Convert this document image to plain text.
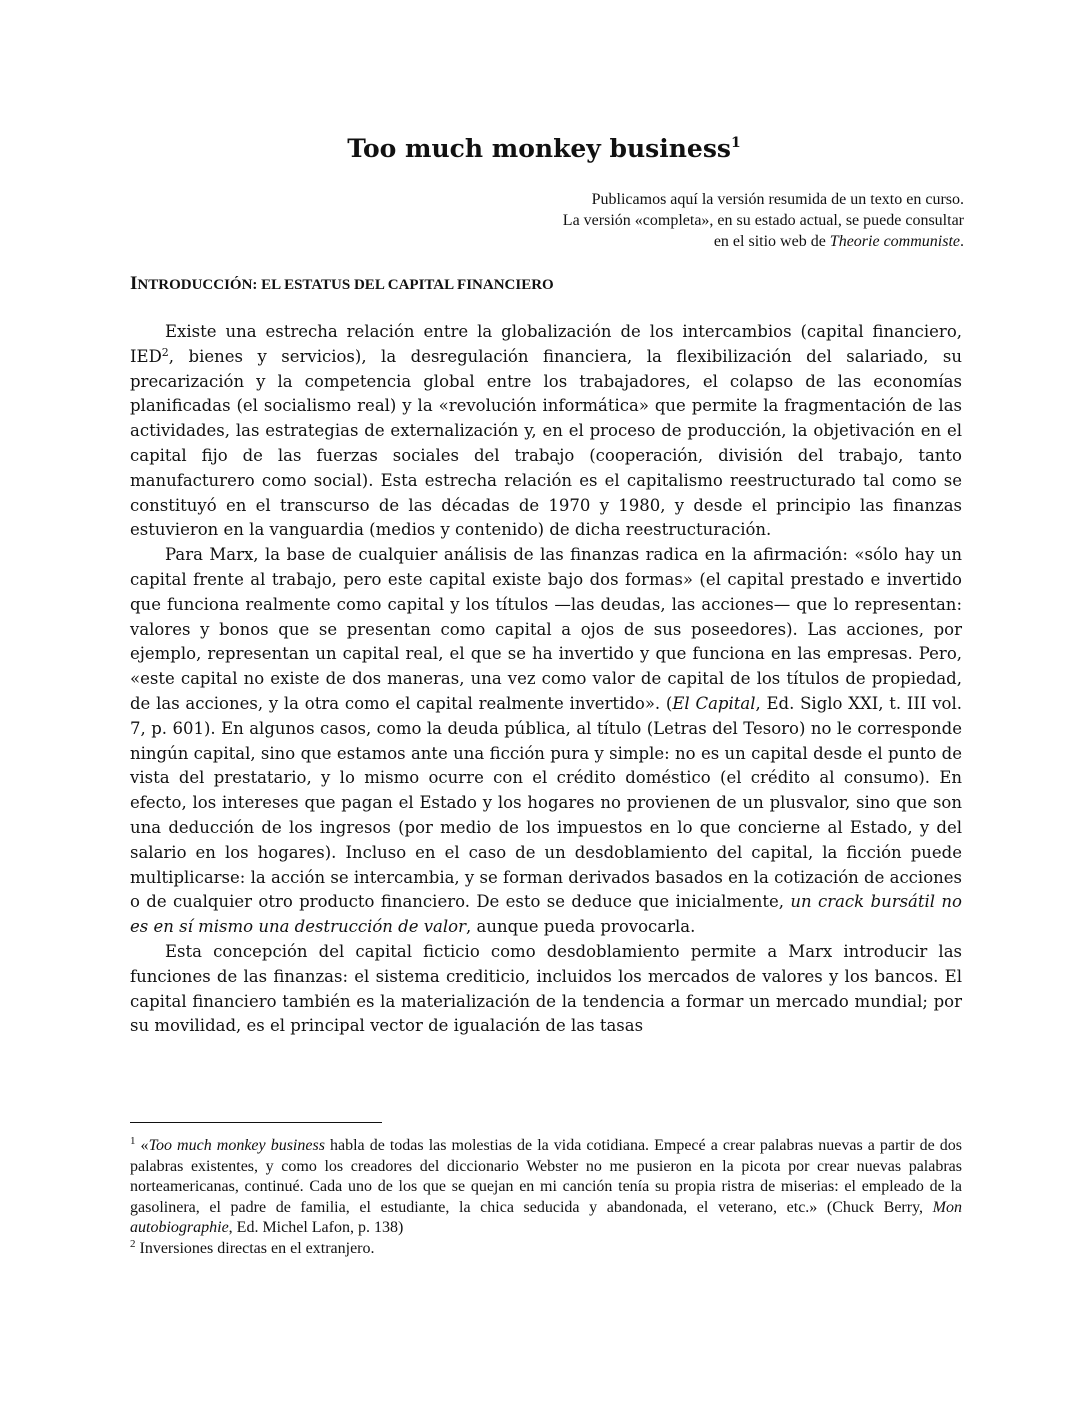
Too much monkey business$^1$

Publicamos aquí la versión resumida de un texto en curso.
La versión «completa», en su estado actual, se puede consultar
en el sitio web de Theorie communiste.

INTRODUCCIÓN: EL ESTATUS DEL CAPITAL FINANCIERO

Existe una estrecha relación entre la globalización de los intercambios (capital financiero, IED$^2$, bienes y servicios), la desregulación financiera, la flexibilización del salariado, su precarización y la competencia global entre los trabajadores, el colapso de las economías planificadas (el socialismo real) y la «revolución informática» que permite la fragmentación de las actividades, las estrategias de externalización y, en el proceso de producción, la objetivación en el capital fijo de las fuerzas sociales del trabajo (cooperación, división del trabajo, tanto manufacturero como social). Esta estrecha relación es el capitalismo reestructurado tal como se constituyó en el transcurso de las décadas de 1970 y 1980, y desde el principio las finanzas estuvieron en la vanguardia (medios y contenido) de dicha reestructuración.

Para Marx, la base de cualquier análisis de las finanzas radica en la afirmación: «sólo hay un capital frente al trabajo, pero este capital existe bajo dos formas» (el capital prestado e invertido que funciona realmente como capital y los títulos —las deudas, las acciones— que lo representan: valores y bonos que se presentan como capital a ojos de sus poseedores). Las acciones, por ejemplo, representan un capital real, el que se ha invertido y que funciona en las empresas. Pero, «este capital no existe de dos maneras, una vez como valor de capital de los títulos de propiedad, de las acciones, y la otra como el capital realmente invertido». (El Capital, Ed. Siglo XXI, t. III vol. 7, p. 601). En algunos casos, como la deuda pública, al título (Letras del Tesoro) no le corresponde ningún capital, sino que estamos ante una ficción pura y simple: no es un capital desde el punto de vista del prestatario, y lo mismo ocurre con el crédito doméstico (el crédito al consumo). En efecto, los intereses que pagan el Estado y los hogares no provienen de un plusvalor, sino que son una deducción de los ingresos (por medio de los impuestos en lo que concierne al Estado, y del salario en los hogares). Incluso en el caso de un desdoblamiento del capital, la ficción puede multiplicarse: la acción se intercambia, y se forman derivados basados en la cotización de acciones o de cualquier otro producto financiero. De esto se deduce que inicialmente, un crack bursátil no es en sí mismo una destrucción de valor, aunque pueda provocarla.

Esta concepción del capital ficticio como desdoblamiento permite a Marx introducir las funciones de las finanzas: el sistema crediticio, incluidos los mercados de valores y los bancos. El capital financiero también es la materialización de la tendencia a formar un mercado mundial; por su movilidad, es el principal vector de igualación de las tasas

$^1$ «Too much monkey business habla de todas las molestias de la vida cotidiana. Empecé a crear palabras nuevas a partir de dos palabras existentes, y como los creadores del diccionario Webster no me pusieron en la picota por crear nuevas palabras norteamericanas, continué. Cada uno de los que se quejan en mi canción tenía su propia ristra de miserias: el empleado de la gasolinera, el padre de familia, el estudiante, la chica seducida y abandonada, el veterano, etc.» (Chuck Berry, Mon autobiographie, Ed. Michel Lafon, p. 138)

$^2$ Inversiones directas en el extranjero.
